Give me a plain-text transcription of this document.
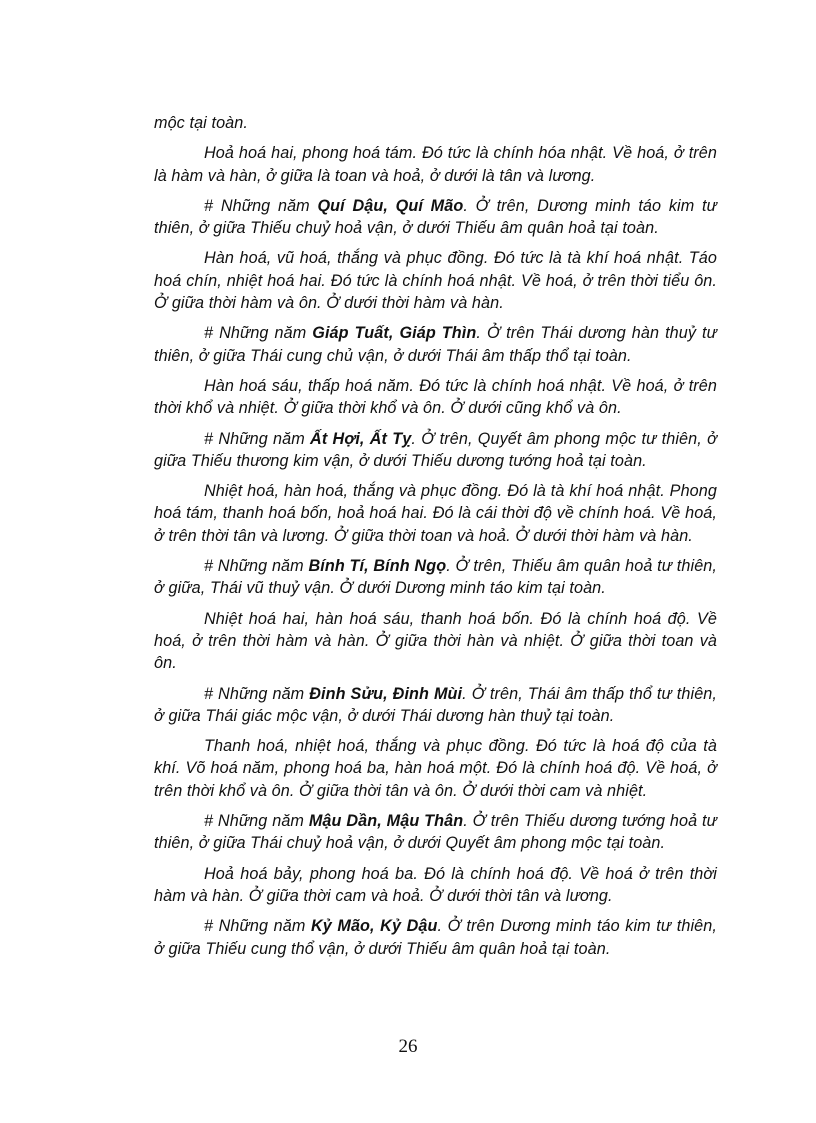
mộc tại toàn.

Hoả hoá hai, phong hoá tám. Đó tức là chính hóa nhật. Về hoá, ở trên là hàm và hàn, ở giữa là toan và hoả, ở dưới là tân và lương.

# Những năm Quí Dậu, Quí Mão. Ở trên, Dương minh táo kim tư thiên, ở giữa Thiếu chuỷ hoả vận, ở dưới Thiếu âm quân hoả tại toàn.

Hàn hoá, vũ hoá, thắng và phục đồng. Đó tức là tà khí hoá nhật. Táo hoá chín, nhiệt hoá hai. Đó tức là chính hoá nhật. Về hoá, ở trên thời tiểu ôn. Ở giữa thời hàm và ôn. Ở dưới thời hàm và hàn.

# Những năm Giáp Tuất, Giáp Thìn. Ở trên Thái dương hàn thuỷ tư thiên, ở giữa Thái cung chủ vận, ở dưới Thái âm thấp thổ tại toàn.

Hàn hoá sáu, thấp hoá năm. Đó tức là chính hoá nhật. Về hoá, ở trên thời khổ và nhiệt. Ở giữa thời khổ và ôn. Ở dưới cũng khổ và ôn.

# Những năm Ất Hợi, Ất Tỵ. Ở trên, Quyết âm phong mộc tư thiên, ở giữa Thiếu thương kim vận, ở dưới Thiếu dương tướng hoả tại toàn.

Nhiệt hoá, hàn hoá, thắng và phục đồng. Đó là tà khí hoá nhật. Phong hoá tám, thanh hoá bốn, hoả hoá hai. Đó là cái thời độ về chính hoá. Về hoá, ở trên thời tân và lương. Ở giữa thời toan và hoả. Ở dưới thời hàm và hàn.

# Những năm Bính Tí, Bính Ngọ. Ở trên, Thiếu âm quân hoả tư thiên, ở giữa, Thái vũ thuỷ vận. Ở dưới Dương minh táo kim tại toàn.

Nhiệt hoá hai, hàn hoá sáu, thanh hoá bốn. Đó là chính hoá độ. Về hoá, ở trên thời hàm và hàn. Ở giữa thời hàn và nhiệt. Ở giữa thời toan và ôn.

# Những năm Đinh Sửu, Đinh Mùi. Ở trên, Thái âm thấp thổ tư thiên, ở giữa Thái giác mộc vận, ở dưới Thái dương hàn thuỷ tại toàn.

Thanh hoá, nhiệt hoá, thắng và phục đồng. Đó tức là hoá độ của tà khí. Võ hoá năm, phong hoá ba, hàn hoá một. Đó là chính hoá độ. Về hoá, ở trên thời khổ và ôn. Ở giữa thời tân và ôn. Ở dưới thời cam và nhiệt.

# Những năm Mậu Dần, Mậu Thân. Ở trên Thiếu dương tướng hoả tư thiên, ở giữa Thái chuỷ hoả vận, ở dưới Quyết âm phong mộc tại toàn.

Hoả hoá bảy, phong hoá ba. Đó là chính hoá độ. Về hoá ở trên thời hàm và hàn. Ở giữa thời cam và hoả. Ở dưới thời tân và lương.

# Những năm Kỷ Mão, Kỷ Dậu. Ở trên Dương minh táo kim tư thiên, ở giữa Thiếu cung thổ vận, ở dưới Thiếu âm quân hoả tại toàn.

26
